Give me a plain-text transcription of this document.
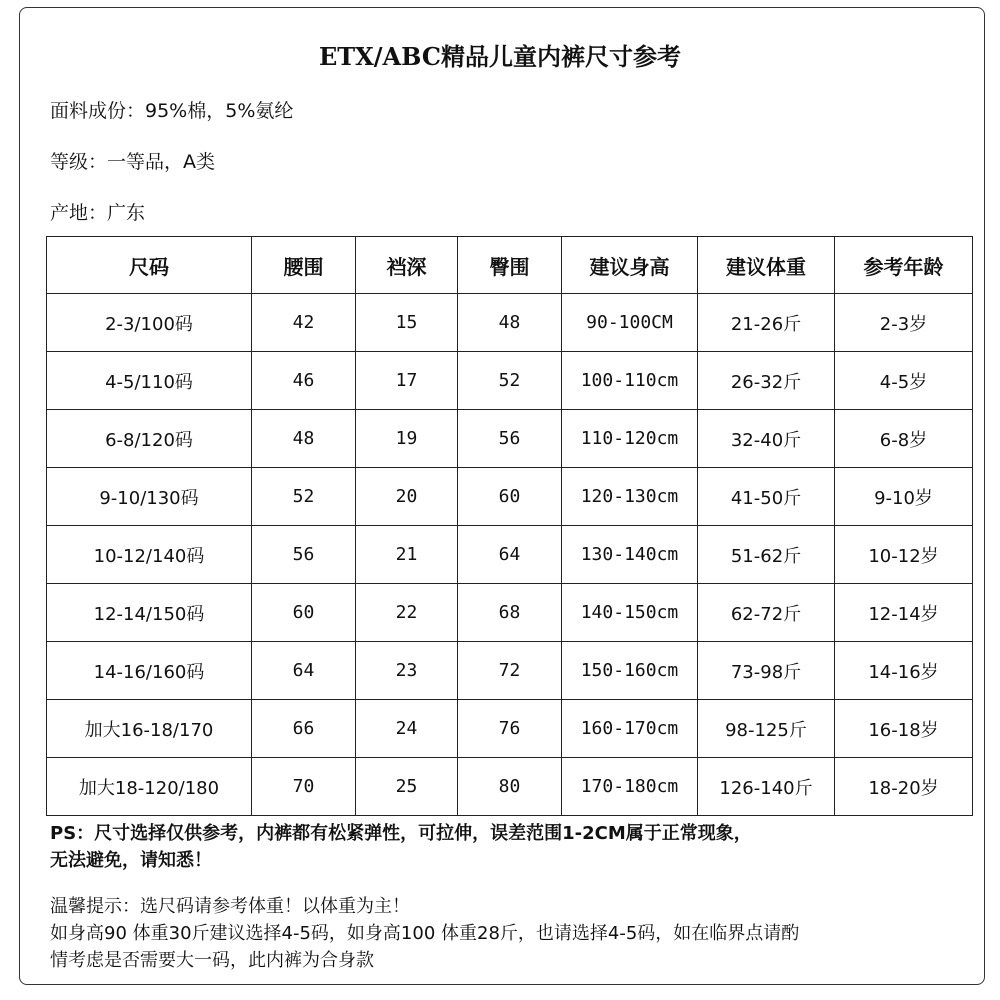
ETX/ABC精品儿童内裤尺寸参考
面料成份：95%棉，5%氨纶
等级：一等品，A类
产地：广东
尺码	腰围	裆深	臀围	建议身高	建议体重	参考年龄
2-3/100码	42	15	48	90-100CM	21-26斤	2-3岁
4-5/110码	46	17	52	100-110cm	26-32斤	4-5岁
6-8/120码	48	19	56	110-120cm	32-40斤	6-8岁
9-10/130码	52	20	60	120-130cm	41-50斤	9-10岁
10-12/140码	56	21	64	130-140cm	51-62斤	10-12岁
12-14/150码	60	22	68	140-150cm	62-72斤	12-14岁
14-16/160码	64	23	72	150-160cm	73-98斤	14-16岁
加大16-18/170	66	24	76	160-170cm	98-125斤	16-18岁
加大18-120/180	70	25	80	170-180cm	126-140斤	18-20岁
PS：尺寸选择仅供参考，内裤都有松紧弹性，可拉伸，误差范围1-2CM属于正常现象，
无法避免，请知悉！
温馨提示：选尺码请参考体重！以体重为主！
如身高90 体重30斤建议选择4-5码，如身高100 体重28斤，也请选择4-5码，如在临界点请酌
情考虑是否需要大一码，此内裤为合身款
